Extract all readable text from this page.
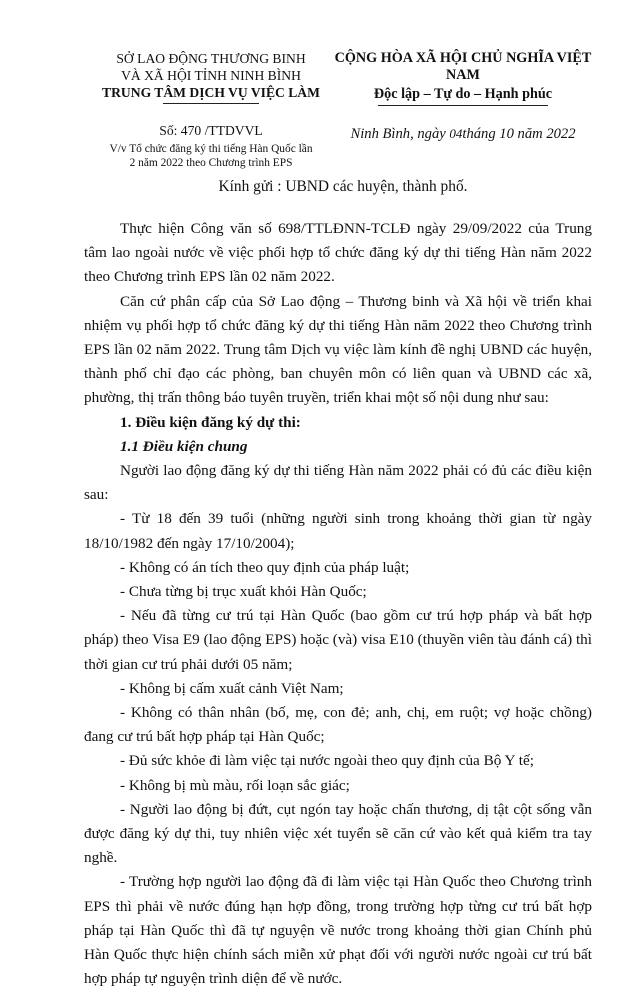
SỞ LAO ĐỘNG THƯƠNG BINH
VÀ XÃ HỘI TỈNH NINH BÌNH
TRUNG TÂM DỊCH VỤ VIỆC LÀM
Số: 470 /TTDVVL
V/v Tổ chức đăng ký thi tiếng Hàn Quốc lần
2 năm 2022 theo Chương trình EPS
CỘNG HÒA XÃ HỘI CHỦ NGHĨA VIỆT NAM
Độc lập – Tự do – Hạnh phúc
Ninh Bình, ngày 04tháng 10 năm 2022
Kính gửi : UBND các huyện, thành phố.

Thực hiện Công văn số 698/TTLĐNN-TCLĐ ngày 29/09/2022 của Trung tâm lao ngoài nước về việc phối hợp tổ chức đăng ký dự thi tiếng Hàn năm 2022 theo Chương trình EPS lần 02 năm 2022.

Căn cứ phân cấp của Sở Lao động – Thương binh và Xã hội về triển khai nhiệm vụ phối hợp tổ chức đăng ký dự thi tiếng Hàn năm 2022 theo Chương trình EPS lần 02 năm 2022. Trung tâm Dịch vụ việc làm kính đề nghị UBND các huyện, thành phố chỉ đạo các phòng, ban chuyên môn có liên quan và UBND các xã, phường, thị trấn thông báo tuyên truyền, triển khai một số nội dung như sau:

1. Điều kiện đăng ký dự thi:

1.1 Điều kiện chung

Người lao động đăng ký dự thi tiếng Hàn năm 2022 phải có đủ các điều kiện sau:

- Từ 18 đến 39 tuổi (những người sinh trong khoảng thời gian từ ngày 18/10/1982 đến ngày 17/10/2004);

- Không có án tích theo quy định của pháp luật;

- Chưa từng bị trục xuất khỏi Hàn Quốc;

- Nếu đã từng cư trú tại Hàn Quốc (bao gồm cư trú hợp pháp và bất hợp pháp) theo Visa E9 (lao động EPS) hoặc (và) visa E10 (thuyền viên tàu đánh cá) thì thời gian cư trú phải dưới 05 năm;

- Không bị cấm xuất cảnh Việt Nam;

- Không có thân nhân (bố, mẹ, con đẻ; anh, chị, em ruột; vợ hoặc chồng) đang cư trú bất hợp pháp tại Hàn Quốc;

- Đủ sức khỏe đi làm việc tại nước ngoài theo quy định của Bộ Y tế;

- Không bị mù màu, rối loạn sắc giác;

- Người lao động bị đứt, cụt ngón tay hoặc chấn thương, dị tật cột sống vẫn được đăng ký dự thi, tuy nhiên việc xét tuyển sẽ căn cứ vào kết quả kiểm tra tay nghề.

- Trường hợp người lao động đã đi làm việc tại Hàn Quốc theo Chương trình EPS thì phải về nước đúng hạn hợp đồng, trong trường hợp từng cư trú bất hợp pháp tại Hàn Quốc thì đã tự nguyện về nước trong khoảng thời gian Chính phủ Hàn Quốc thực hiện chính sách miễn xử phạt đối với người nước ngoài cư trú bất hợp pháp tự nguyện trình diện để về nước.
